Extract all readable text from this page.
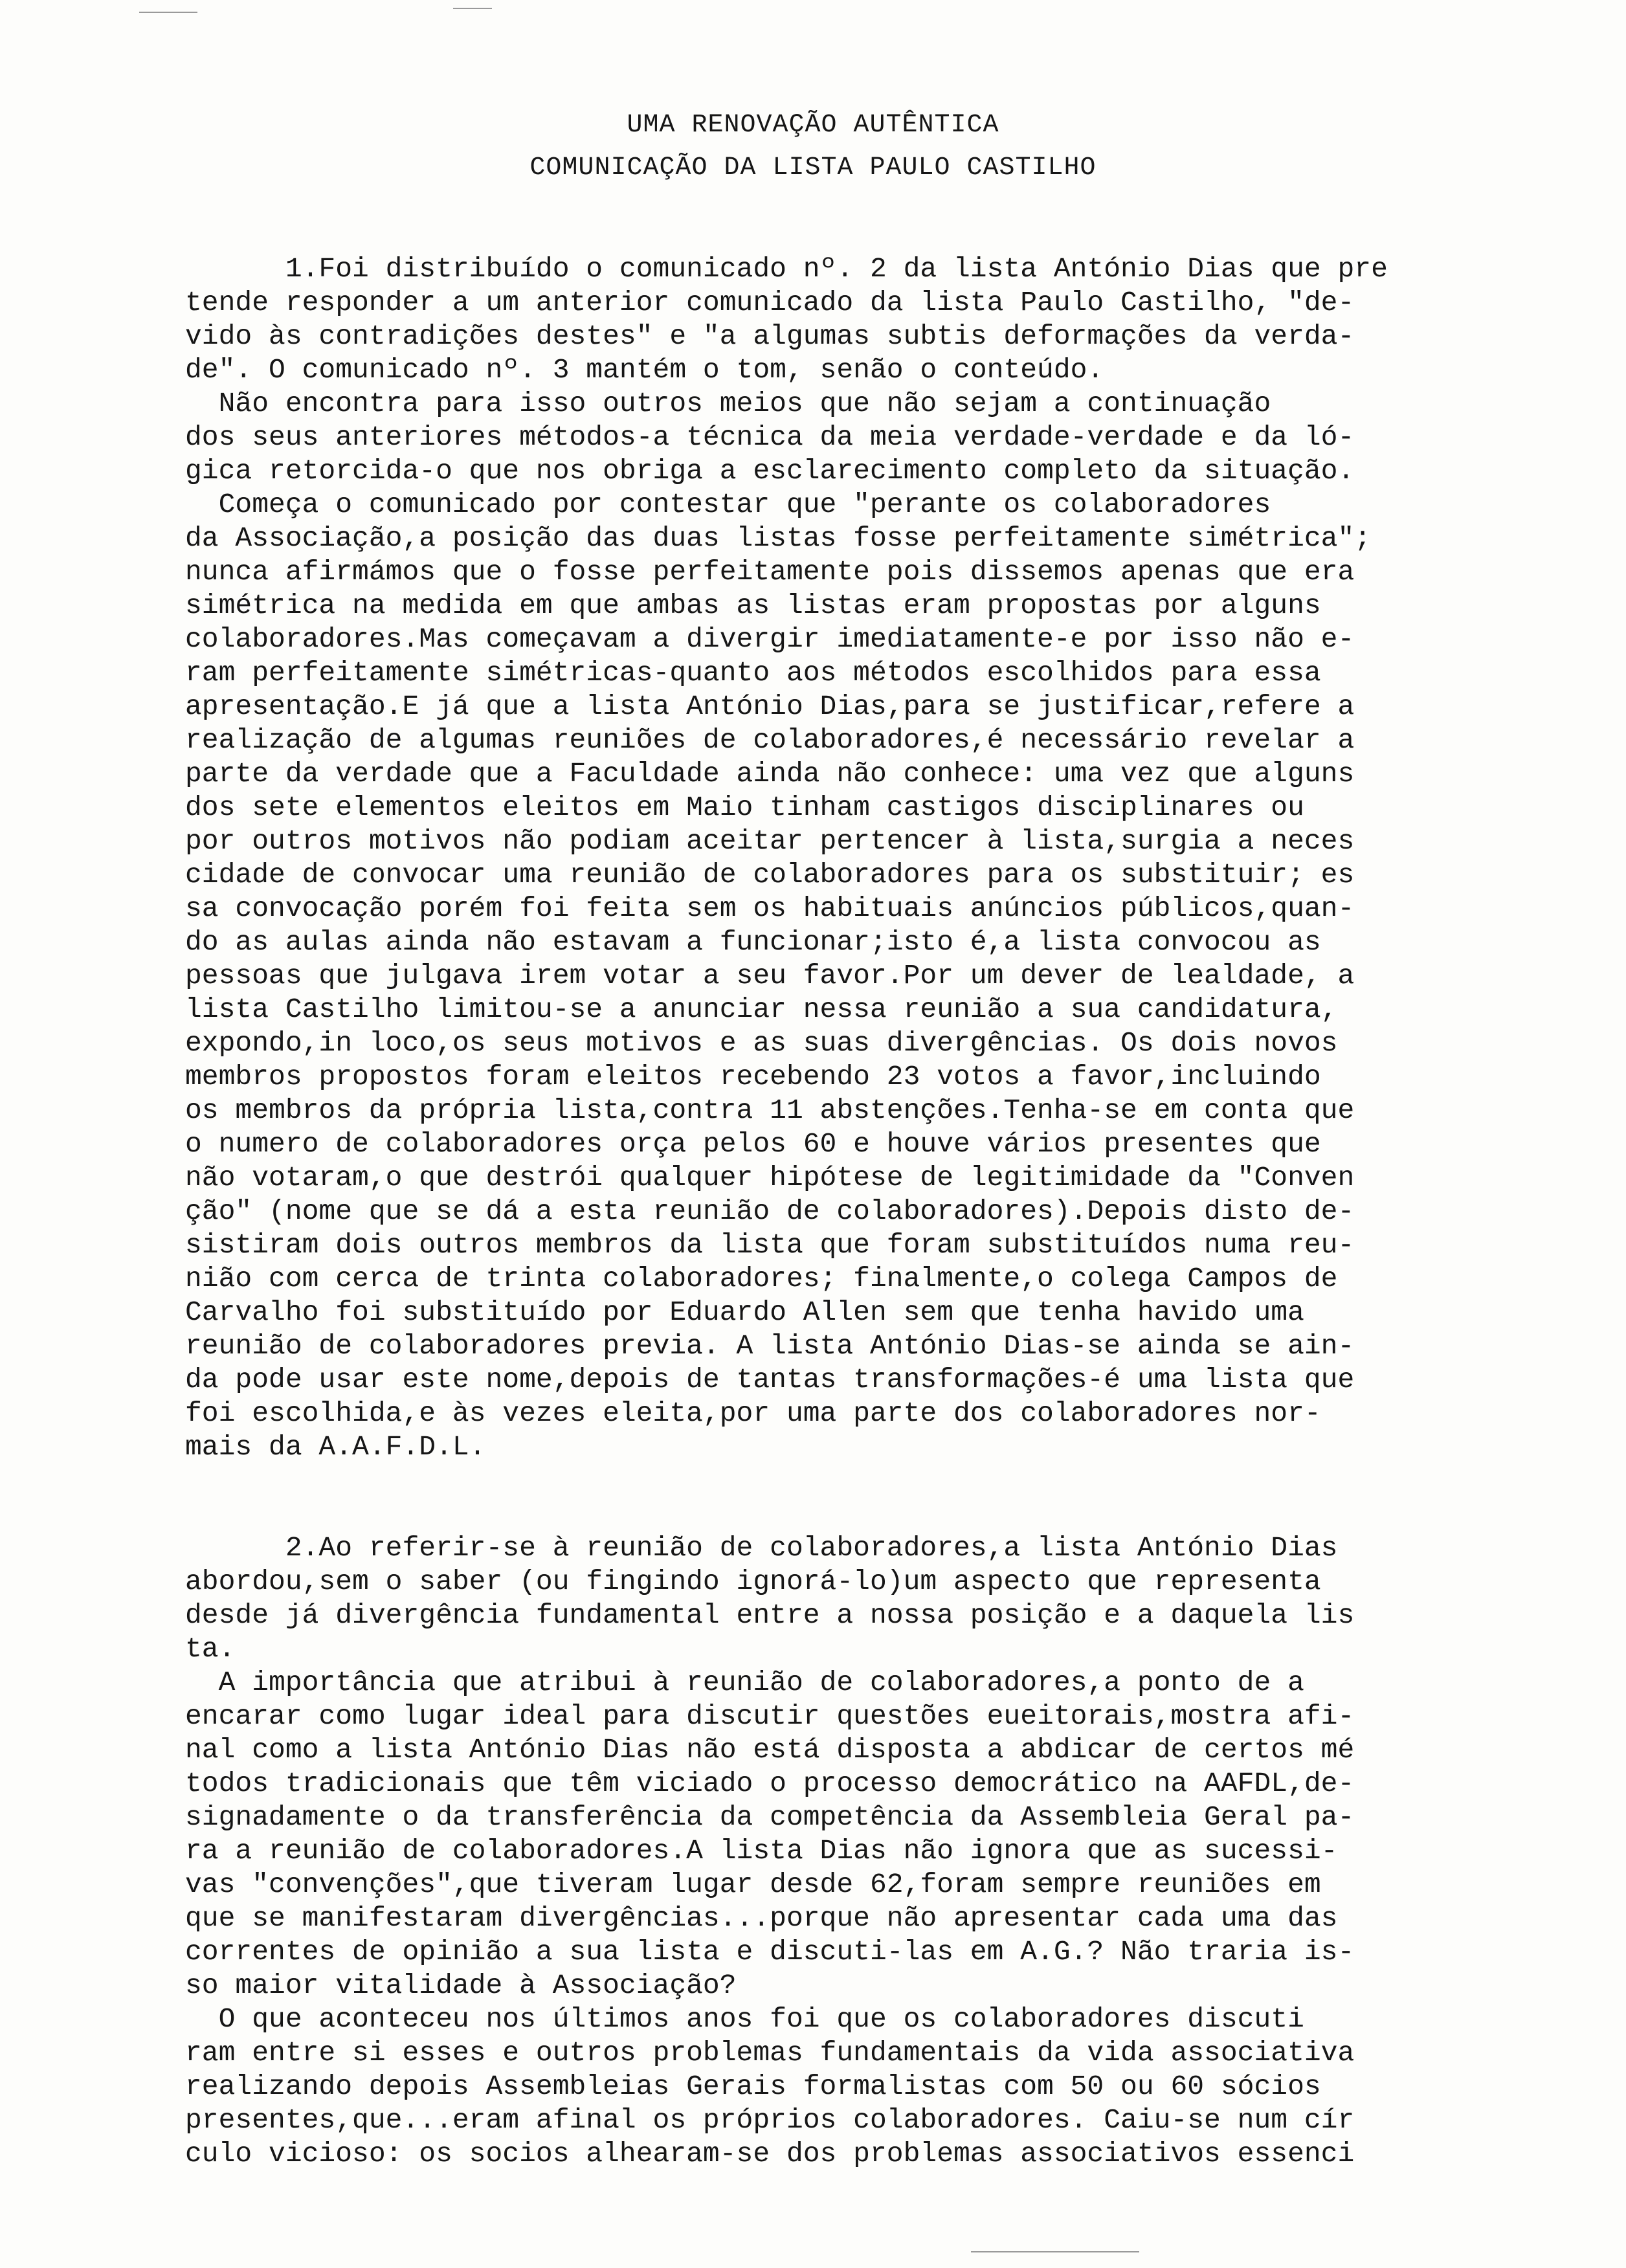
UMA RENOVAÇÃO AUTÊNTICA
COMUNICAÇÃO DA LISTA PAULO CASTILHO
1.Foi distribuído o comunicado nº. 2 da lista António Dias que pre
tende responder a um anterior comunicado da lista Paulo Castilho, "de-
vido às contradições destes" e "a algumas subtis deformações da verda-
de". O comunicado nº. 3 mantém o tom, senão o conteúdo.
Não encontra para isso outros meios que não sejam a continuação
dos seus anteriores métodos-a técnica da meia verdade-verdade e da ló-
gica retorcida-o que nos obriga a esclarecimento completo da situação.
Começa o comunicado por contestar que "perante os colaboradores
da Associação,a posição das duas listas fosse perfeitamente simétrica";
nunca afirmámos que o fosse perfeitamente pois dissemos apenas que era
simétrica na medida em que ambas as listas eram propostas por alguns
colaboradores.Mas começavam a divergir imediatamente-e por isso não e-
ram perfeitamente simétricas-quanto aos métodos escolhidos para essa
apresentação.E já que a lista António Dias,para se justificar,refere a
realização de algumas reuniões de colaboradores,é necessário revelar a
parte da verdade que a Faculdade ainda não conhece: uma vez que alguns
dos sete elementos eleitos em Maio tinham castigos disciplinares ou
por outros motivos não podiam aceitar pertencer à lista,surgia a neces
cidade de convocar uma reunião de colaboradores para os substituir; es
sa convocação porém foi feita sem os habituais anúncios públicos,quan-
do as aulas ainda não estavam a funcionar;isto é,a lista convocou as
pessoas que julgava irem votar a seu favor.Por um dever de lealdade, a
lista Castilho limitou-se a anunciar nessa reunião a sua candidatura,
expondo,in loco,os seus motivos e as suas divergências. Os dois novos
membros propostos foram eleitos recebendo 23 votos a favor,incluindo
os membros da própria lista,contra 11 abstenções.Tenha-se em conta que
o numero de colaboradores orça pelos 60 e houve vários presentes que
não votaram,o que destrói qualquer hipótese de legitimidade da "Conven
ção" (nome que se dá a esta reunião de colaboradores).Depois disto de-
sistiram dois outros membros da lista que foram substituídos numa reu-
nião com cerca de trinta colaboradores; finalmente,o colega Campos de
Carvalho foi substituído por Eduardo Allen sem que tenha havido uma
reunião de colaboradores previa. A lista António Dias-se ainda se ain-
da pode usar este nome,depois de tantas transformações-é uma lista que
foi escolhida,e às vezes eleita,por uma parte dos colaboradores nor-
mais da A.A.F.D.L.
2.Ao referir-se à reunião de colaboradores,a lista António Dias
abordou,sem o saber (ou fingindo ignorá-lo)um aspecto que representa
desde já divergência fundamental entre a nossa posição e a daquela lis
ta.
A importância que atribui à reunião de colaboradores,a ponto de a
encarar como lugar ideal para discutir questões eueitorais,mostra afi-
nal como a lista António Dias não está disposta a abdicar de certos mé
todos tradicionais que têm viciado o processo democrático na AAFDL,de-
signadamente o da transferência da competência da Assembleia Geral pa-
ra a reunião de colaboradores.A lista Dias não ignora que as sucessi-
vas "convenções",que tiveram lugar desde 62,foram sempre reuniões em
que se manifestaram divergências...porque não apresentar cada uma das
correntes de opinião a sua lista e discuti-las em A.G.? Não traria is-
so maior vitalidade à Associação?
O que aconteceu nos últimos anos foi que os colaboradores discuti
ram entre si esses e outros problemas fundamentais da vida associativa
realizando depois Assembleias Gerais formalistas com 50 ou 60 sócios
presentes,que...eram afinal os próprios colaboradores. Caiu-se num cír
culo vicioso: os socios alhearam-se dos problemas associativos essenci
